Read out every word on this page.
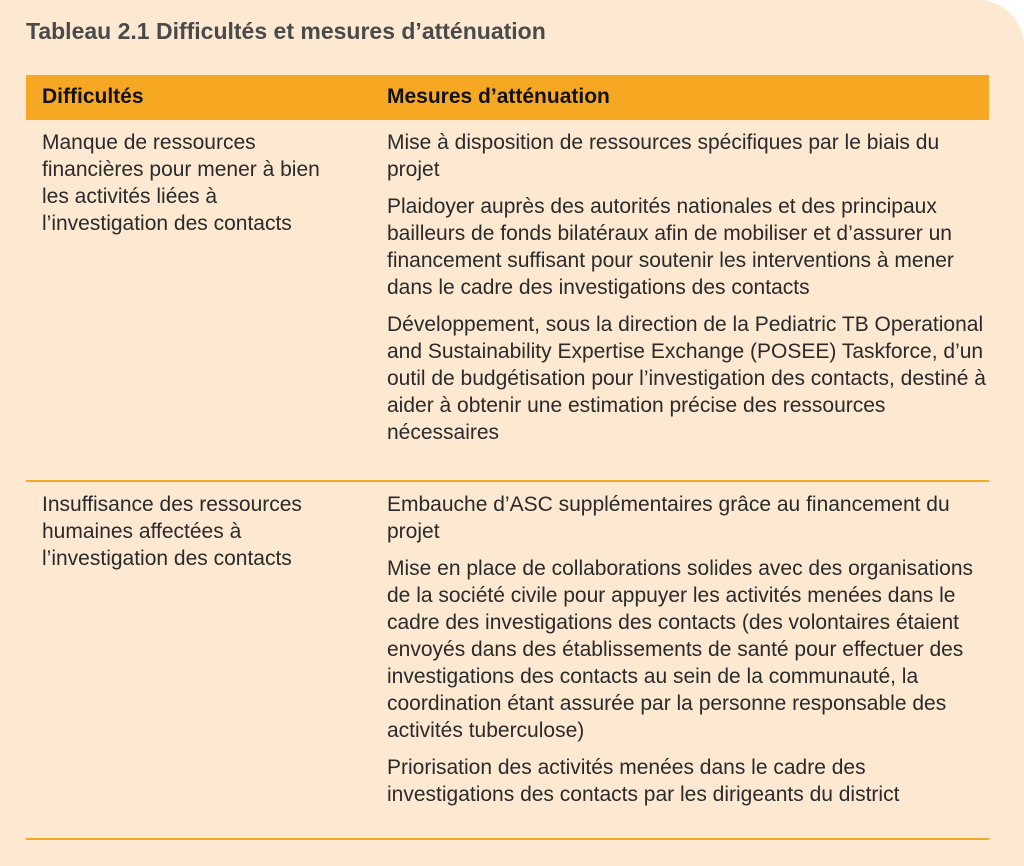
Tableau 2.1 Difficultés et mesures d’atténuation
Difficultés	Mesures d’atténuation
Manque de ressources financières pour mener à bien les activités liées à l’investigation des contacts

Mise à disposition de ressources spécifiques par le biais du projet

Plaidoyer auprès des autorités nationales et des principaux bailleurs de fonds bilatéraux afin de mobiliser et d’assurer un financement suffisant pour soutenir les interventions à mener dans le cadre des investigations des contacts

Développement, sous la direction de la Pediatric TB Operational and Sustainability Expertise Exchange (POSEE) Taskforce, d’un outil de budgétisation pour l’investigation des contacts, destiné à aider à obtenir une estimation précise des ressources nécessaires

Insuffisance des ressources humaines affectées à l’investigation des contacts

Embauche d’ASC supplémentaires grâce au financement du projet

Mise en place de collaborations solides avec des organisations de la société civile pour appuyer les activités menées dans le cadre des investigations des contacts (des volontaires étaient envoyés dans des établissements de santé pour effectuer des investigations des contacts au sein de la communauté, la coordination étant assurée par la personne responsable des activités tuberculose)

Priorisation des activités menées dans le cadre des investigations des contacts par les dirigeants du district
